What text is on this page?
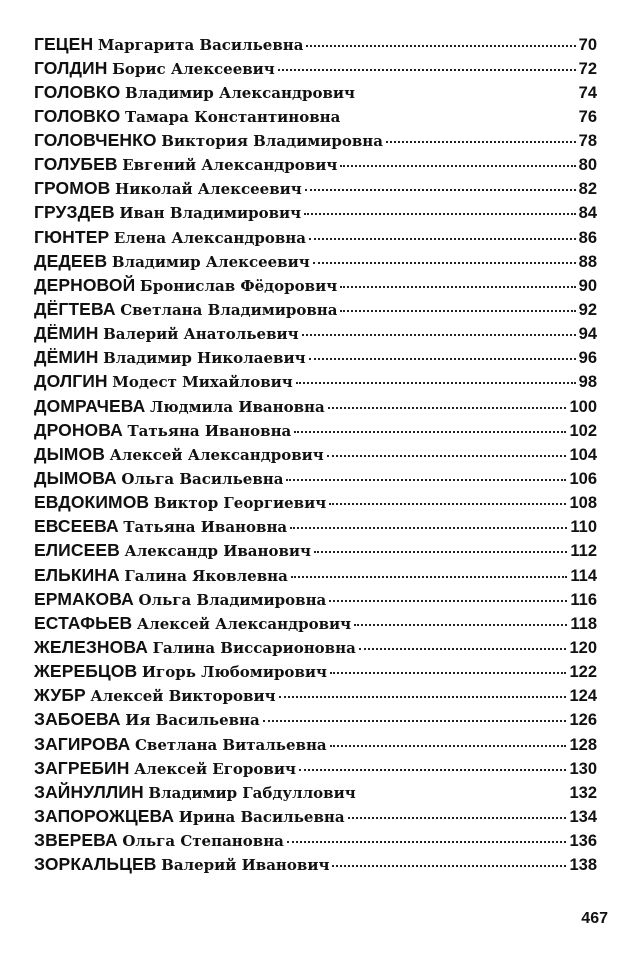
ГЕЦЕН Маргарита Васильевна	70
ГОЛДИН Борис Алексеевич	72
ГОЛОВКО Владимир Александрович	74
ГОЛОВКО Тамара Константиновна	76
ГОЛОВЧЕНКО Виктория Владимировна	78
ГОЛУБЕВ Евгений Александрович	80
ГРОМОВ Николай Алексеевич	82
ГРУЗДЕВ Иван Владимирович	84
ГЮНТЕР Елена Александровна	86
ДЕДЕЕВ Владимир Алексеевич	88
ДЕРНОВОЙ Бронислав Фёдорович	90
ДЁГТЕВА Светлана Владимировна	92
ДЁМИН Валерий Анатольевич	94
ДЁМИН Владимир Николаевич	96
ДОЛГИН Модест Михайлович	98
ДОМРАЧЕВА Людмила Ивановна	100
ДРОНОВА Татьяна Ивановна	102
ДЫМОВ Алексей Александрович	104
ДЫМОВА Ольга Васильевна	106
ЕВДОКИМОВ Виктор Георгиевич	108
ЕВСЕЕВА Татьяна Ивановна	110
ЕЛИСЕЕВ Александр Иванович	112
ЕЛЬКИНА Галина Яковлевна	114
ЕРМАКОВА Ольга Владимировна	116
ЕСТАФЬЕВ Алексей Александрович	118
ЖЕЛЕЗНОВА Галина Виссарионовна	120
ЖЕРЕБЦОВ Игорь Любомирович	122
ЖУБР Алексей Викторович	124
ЗАБОЕВА Ия Васильевна	126
ЗАГИРОВА Светлана Витальевна	128
ЗАГРЕБИН Алексей Егорович	130
ЗАЙНУЛЛИН Владимир Габдуллович	132
ЗАПОРОЖЦЕВА Ирина Васильевна	134
ЗВЕРЕВА Ольга Степановна	136
ЗОРКАЛЬЦЕВ Валерий Иванович	138
467
